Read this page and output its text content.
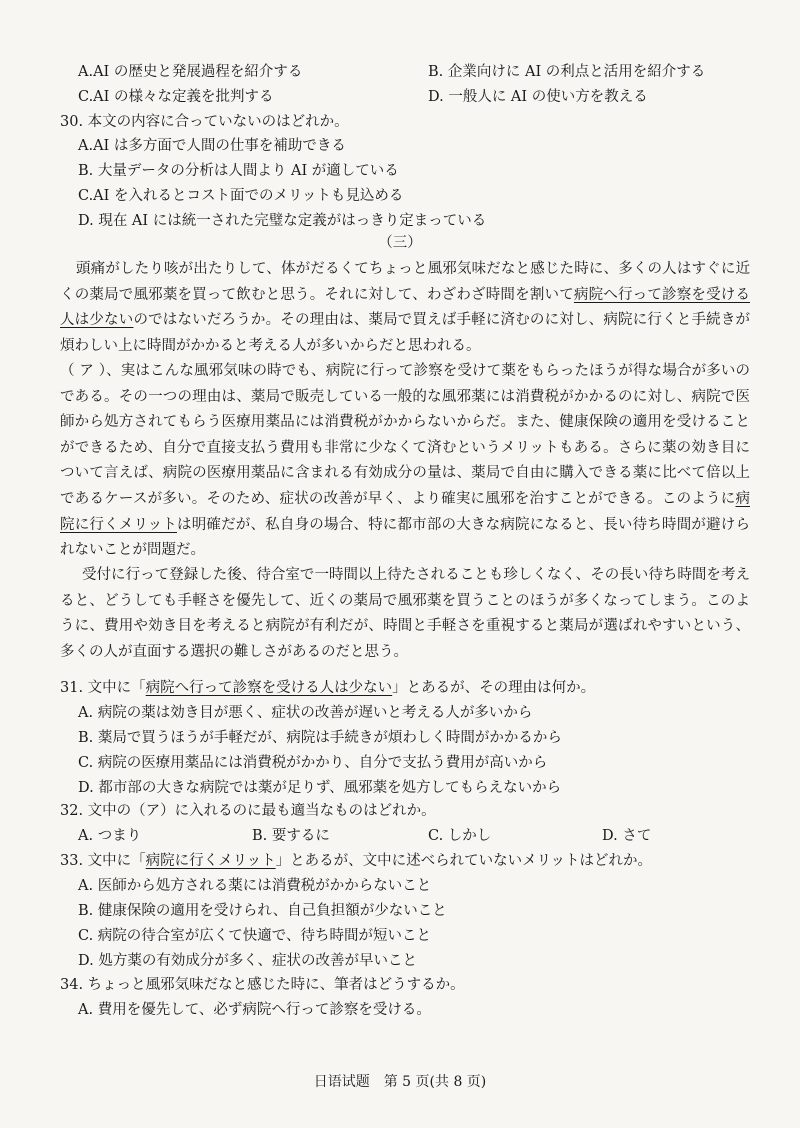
A.AI の歴史と発展過程を紹介する	B. 企業向けに AI の利点と活用を紹介する
C.AI の様々な定義を批判する	D. 一般人に AI の使い方を教える
30. 本文の内容に合っていないのはどれか。
A.AI は多方面で人間の仕事を補助できる
B. 大量データの分析は人間より AI が適している
C.AI を入れるとコスト面でのメリットも見込める
D. 現在 AI には統一された完璧な定義がはっきり定まっている
（三）
頭痛がしたり咳が出たりして、体がだるくてちょっと風邪気味だなと感じた時に、多くの人はすぐに近くの薬局で風邪薬を買って飲むと思う。それに対して、わざわざ時間を割いて病院へ行って診察を受ける人は少ないのではないだろうか。その理由は、薬局で買えば手軽に済むのに対し、病院に行くと手続きが煩わしい上に時間がかかると考える人が多いからだと思われる。
（ ア ）、実はこんな風邪気味の時でも、病院に行って診察を受けて薬をもらったほうが得な場合が多いのである。その一つの理由は、薬局で販売している一般的な風邪薬には消費税がかかるのに対し、病院で医師から処方されてもらう医療用薬品には消費税がかからないからだ。また、健康保険の適用を受けることができるため、自分で直接支払う費用も非常に少なくて済むというメリットもある。さらに薬の効き目について言えば、病院の医療用薬品に含まれる有効成分の量は、薬局で自由に購入できる薬に比べて倍以上であるケースが多い。そのため、症状の改善が早く、より確実に風邪を治すことができる。このように病院に行くメリットは明確だが、私自身の場合、特に都市部の大きな病院になると、長い待ち時間が避けられないことが問題だ。
受付に行って登録した後、待合室で一時間以上待たされることも珍しくなく、その長い待ち時間を考えると、どうしても手軽さを優先して、近くの薬局で風邪薬を買うことのほうが多くなってしまう。このように、費用や効き目を考えると病院が有利だが、時間と手軽さを重視すると薬局が選ばれやすいという、多くの人が直面する選択の難しさがあるのだと思う。
31. 文中に「病院へ行って診察を受ける人は少ない」とあるが、その理由は何か。
A. 病院の薬は効き目が悪く、症状の改善が遅いと考える人が多いから
B. 薬局で買うほうが手軽だが、病院は手続きが煩わしく時間がかかるから
C. 病院の医療用薬品には消費税がかかり、自分で支払う費用が高いから
D. 都市部の大きな病院では薬が足りず、風邪薬を処方してもらえないから
32. 文中の（ア）に入れるのに最も適当なものはどれか。
A. つまり	B. 要するに	C. しかし	D. さて
33. 文中に「病院に行くメリット」とあるが、文中に述べられていないメリットはどれか。
A. 医師から処方される薬には消費税がかからないこと
B. 健康保険の適用を受けられ、自己負担額が少ないこと
C. 病院の待合室が広くて快適で、待ち時間が短いこと
D. 処方薬の有効成分が多く、症状の改善が早いこと
34. ちょっと風邪気味だなと感じた時に、筆者はどうするか。
A. 費用を優先して、必ず病院へ行って診察を受ける。
日语试题　第 5 页(共 8 页)
